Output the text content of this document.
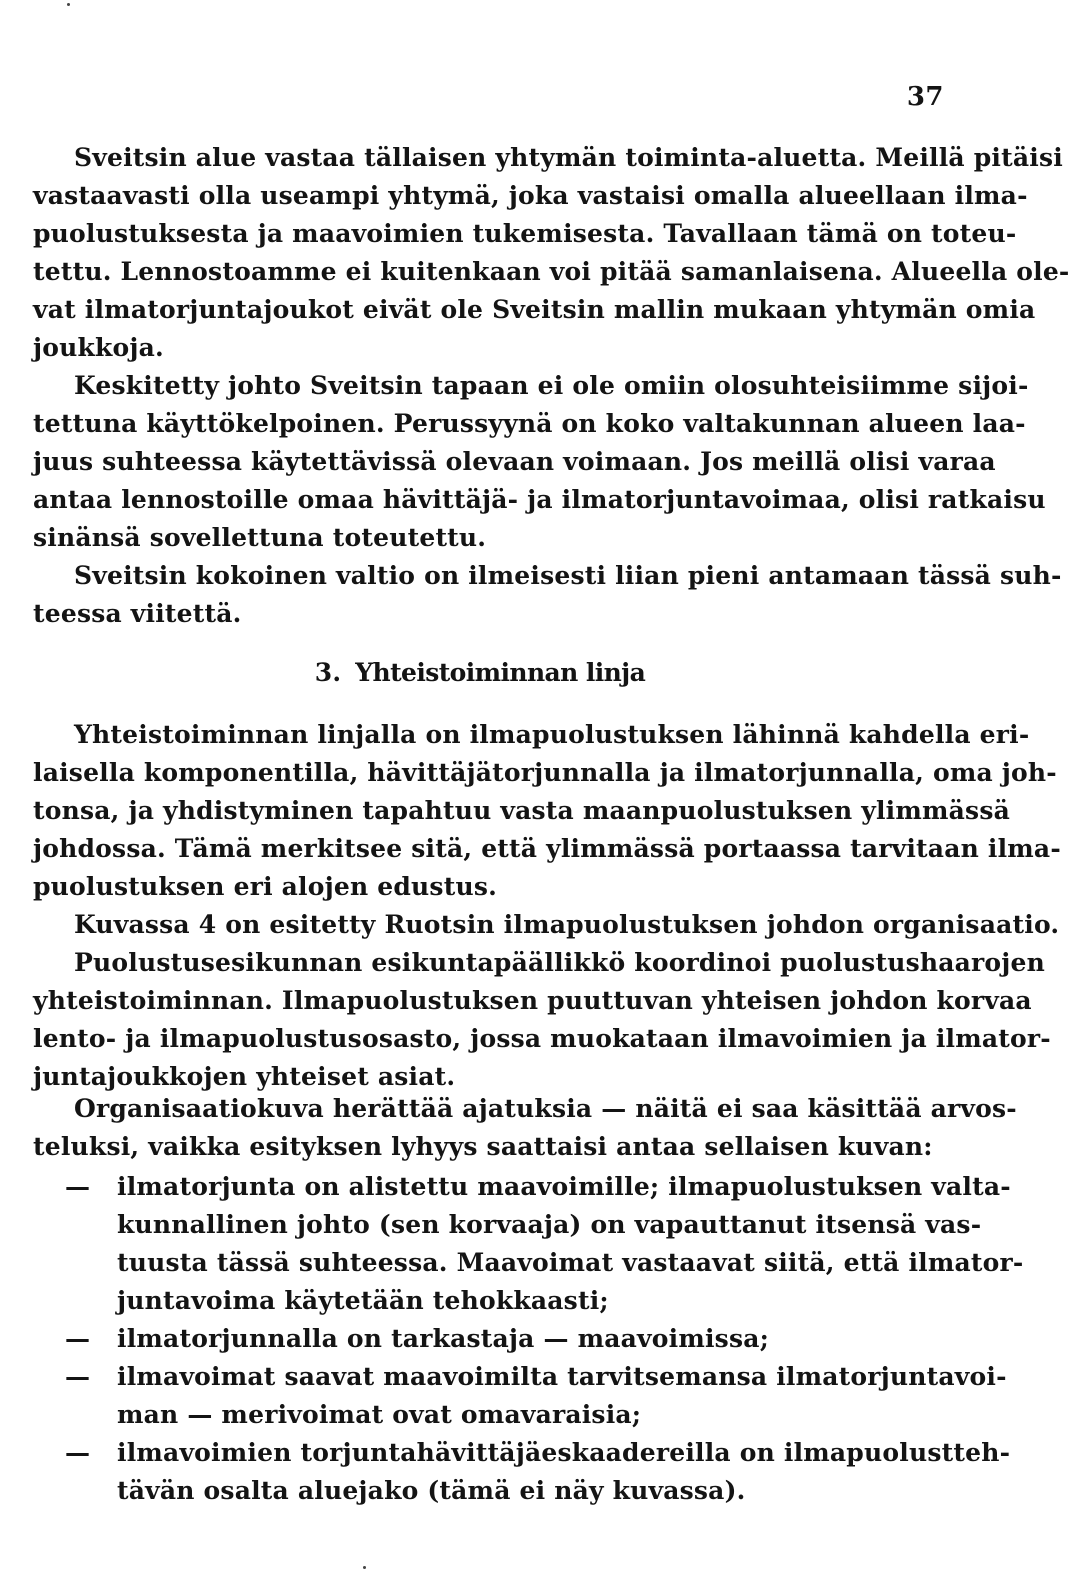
37
Sveitsin alue vastaa tällaisen yhtymän toiminta-aluetta. Meillä pitäisi
vastaavasti olla useampi yhtymä, joka vastaisi omalla alueellaan ilma-
puolustuksesta ja maavoimien tukemisesta. Tavallaan tämä on toteu-
tettu. Lennostoamme ei kuitenkaan voi pitää samanlaisena. Alueella ole-
vat ilmatorjuntajoukot eivät ole Sveitsin mallin mukaan yhtymän omia
joukkoja.
Keskitetty johto Sveitsin tapaan ei ole omiin olosuhteisiimme sijoi-
tettuna käyttökelpoinen. Perussyynä on koko valtakunnan alueen laa-
juus suhteessa käytettävissä olevaan voimaan. Jos meillä olisi varaa
antaa lennostoille omaa hävittäjä- ja ilmatorjuntavoimaa, olisi ratkaisu
sinänsä sovellettuna toteutettu.
Sveitsin kokoinen valtio on ilmeisesti liian pieni antamaan tässä suh-
teessa viitettä.
3. Yhteistoiminnan linja
Yhteistoiminnan linjalla on ilmapuolustuksen lähinnä kahdella eri-
laisella komponentilla, hävittäjätorjunnalla ja ilmatorjunnalla, oma joh-
tonsa, ja yhdistyminen tapahtuu vasta maanpuolustuksen ylimmässä
johdossa. Tämä merkitsee sitä, että ylimmässä portaassa tarvitaan ilma-
puolustuksen eri alojen edustus.
Kuvassa 4 on esitetty Ruotsin ilmapuolustuksen johdon organisaatio.
Puolustusesikunnan esikuntapäällikkö koordinoi puolustushaarojen
yhteistoiminnan. Ilmapuolustuksen puuttuvan yhteisen johdon korvaa
lento- ja ilmapuolustusosasto, jossa muokataan ilmavoimien ja ilmator-
juntajoukkojen yhteiset asiat.
Organisaatiokuva herättää ajatuksia — näitä ei saa käsittää arvos-
teluksi, vaikka esityksen lyhyys saattaisi antaa sellaisen kuvan:
— ilmatorjunta on alistettu maavoimille; ilmapuolustuksen valta-
kunnallinen johto (sen korvaaja) on vapauttanut itsensä vas-
tuusta tässä suhteessa. Maavoimat vastaavat siitä, että ilmator-
juntavoima käytetään tehokkaasti;
— ilmatorjunnalla on tarkastaja — maavoimissa;
— ilmavoimat saavat maavoimilta tarvitsemansa ilmatorjuntavoi-
man — merivoimat ovat omavaraisia;
— ilmavoimien torjuntahävittäjäeskaadereilla on ilmapuolustteh-
tävän osalta aluejako (tämä ei näy kuvassa).
